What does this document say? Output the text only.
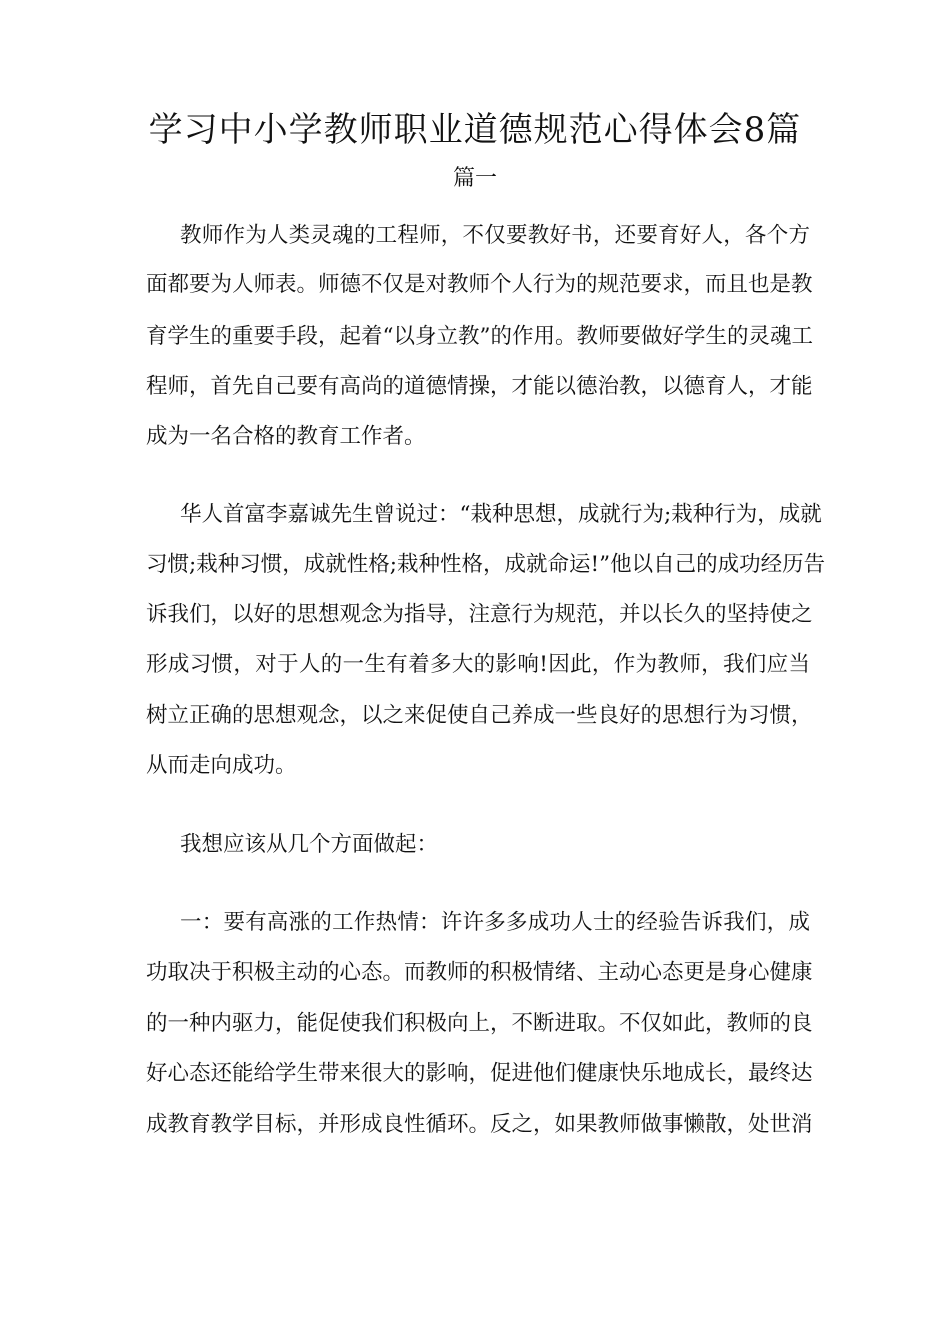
学习中小学教师职业道德规范心得体会8篇
篇一

教师作为人类灵魂的工程师，不仅要教好书，还要育好人，各个方

面都要为人师表。师德不仅是对教师个人行为的规范要求，而且也是教

育学生的重要手段，起着“以身立教”的作用。教师要做好学生的灵魂工

程师，首先自己要有高尚的道德情操，才能以德治教，以德育人，才能

成为一名合格的教育工作者。

华人首富李嘉诚先生曾说过：“栽种思想，成就行为;栽种行为，成就

习惯;栽种习惯，成就性格;栽种性格，成就命运!”他以自己的成功经历告

诉我们，以好的思想观念为指导，注意行为规范，并以长久的坚持使之

形成习惯，对于人的一生有着多大的影响!因此，作为教师，我们应当

树立正确的思想观念，以之来促使自己养成一些良好的思想行为习惯，

从而走向成功。

我想应该从几个方面做起：

一：要有高涨的工作热情：许许多多成功人士的经验告诉我们，成

功取决于积极主动的心态。而教师的积极情绪、主动心态更是身心健康

的一种内驱力，能促使我们积极向上，不断进取。不仅如此，教师的良

好心态还能给学生带来很大的影响，促进他们健康快乐地成长，最终达

成教育教学目标，并形成良性循环。反之，如果教师做事懒散，处世消
